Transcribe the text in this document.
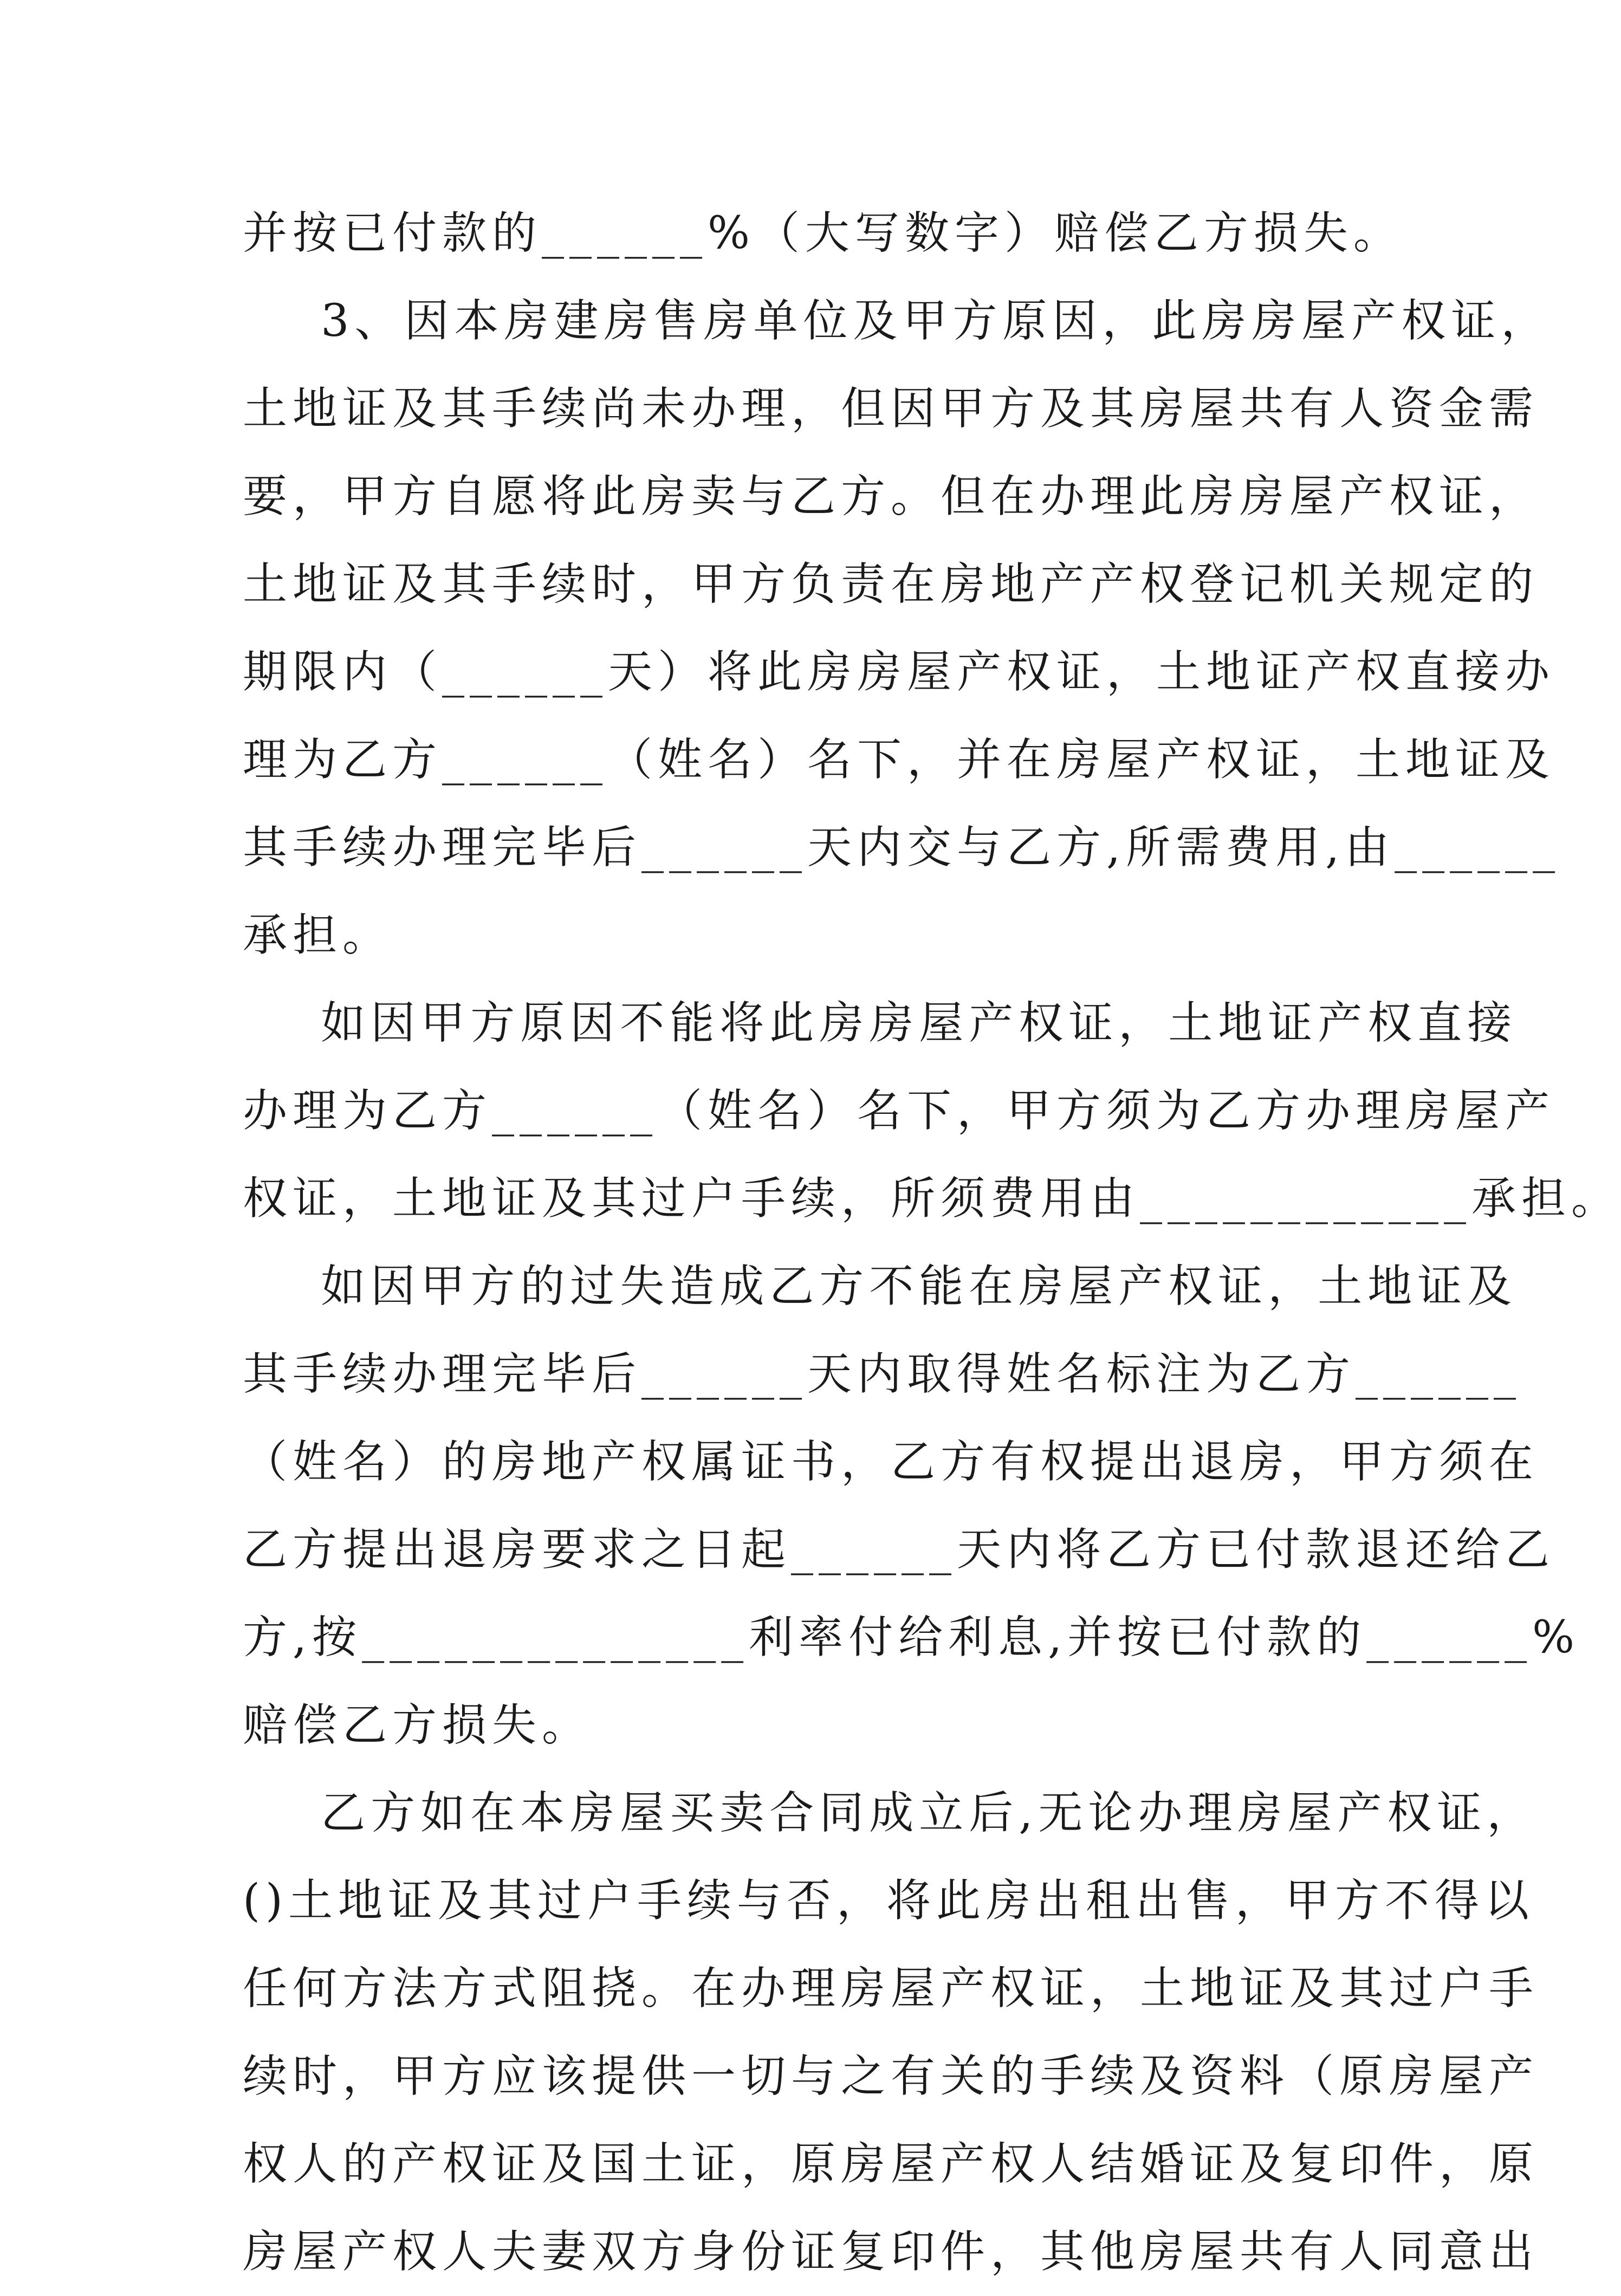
并按已付款的______%（大写数字）赔偿乙方损失。
3、因本房建房售房单位及甲方原因，此房房屋产权证，
土地证及其手续尚未办理，但因甲方及其房屋共有人资金需
要，甲方自愿将此房卖与乙方。但在办理此房房屋产权证，
土地证及其手续时，甲方负责在房地产产权登记机关规定的
期限内（______天）将此房房屋产权证，土地证产权直接办
理为乙方______（姓名）名下，并在房屋产权证，土地证及
其手续办理完毕后______天内交与乙方,所需费用,由______
承担。
如因甲方原因不能将此房房屋产权证，土地证产权直接
办理为乙方______（姓名）名下，甲方须为乙方办理房屋产
权证，土地证及其过户手续，所须费用由____________承担。
如因甲方的过失造成乙方不能在房屋产权证，土地证及
其手续办理完毕后______天内取得姓名标注为乙方______
（姓名）的房地产权属证书，乙方有权提出退房，甲方须在
乙方提出退房要求之日起______天内将乙方已付款退还给乙
方,按______________利率付给利息,并按已付款的______%
赔偿乙方损失。
乙方如在本房屋买卖合同成立后,无论办理房屋产权证，
()土地证及其过户手续与否，将此房出租出售，甲方不得以
任何方法方式阻挠。在办理房屋产权证，土地证及其过户手
续时，甲方应该提供一切与之有关的手续及资料（原房屋产
权人的产权证及国土证，原房屋产权人结婚证及复印件，原
房屋产权人夫妻双方身份证复印件，其他房屋共有人同意出
